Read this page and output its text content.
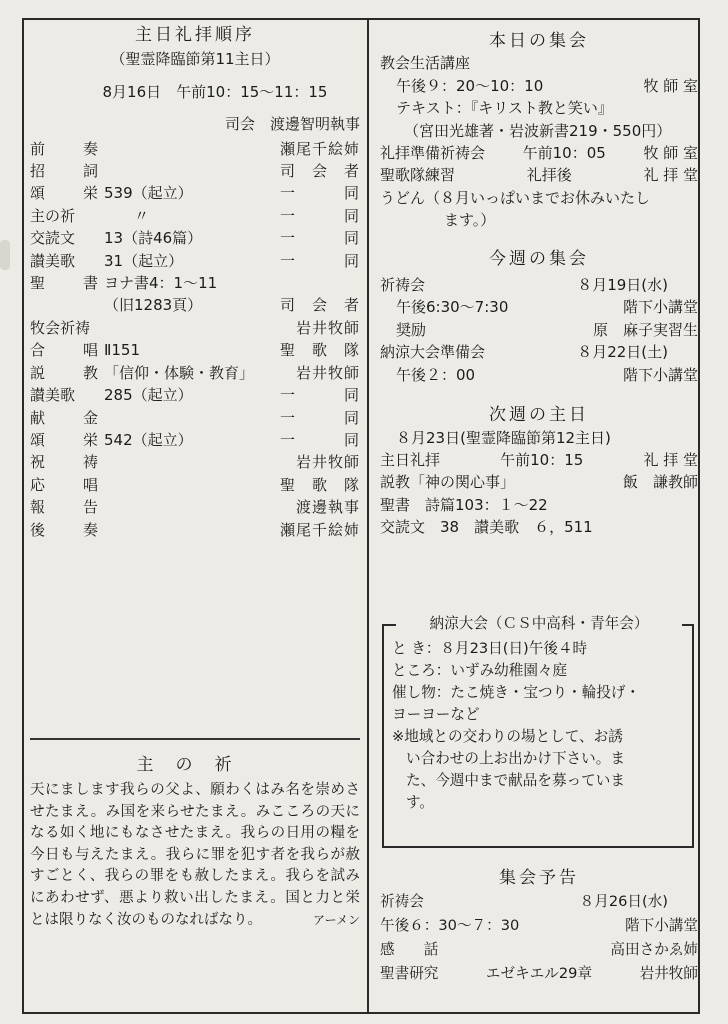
主日礼拝順序
（聖霊降臨節第11主日）
8月16日　午前10：15〜11：15
司会　渡邊智明執事
前	奏	瀬尾千絵姉
招	詞	司　会　者
頌	栄 539（起立）	一　　　同
主の祈 　　〃	一　　　同
交読文 13（詩46篇）	一　　　同
讃美歌 31（起立）	一　　　同
聖	書 ヨナ書4：1〜11
（旧1283頁）	司　会　者
牧会祈祷	岩井牧師
合	唱 Ⅱ151	聖　歌　隊
説	教 「信仰・体験・教育」	岩井牧師
讃美歌 285（起立）	一　　　同
献	金	一　　　同
頌	栄 542（起立）	一　　　同
祝	祷	岩井牧師
応	唱	聖　歌　隊
報	告	渡邊執事
後	奏	瀬尾千絵姉
主の祈
天にまします我らの父よ、願わくはみ名を崇めさせたまえ。み国を来らせたまえ。みこころの天になる如く地にもなさせたまえ。我らの日用の糧を今日も与えたまえ。我らに罪を犯す者を我らが赦すごとく、我らの罪をも赦したまえ。我らを試みにあわせず、悪より救い出したまえ。国と力と栄とは限りなく汝のものなればなり。	アーメン
本日の集会
教会生活講座
午後９：20〜10：10	牧 師 室
テキスト：『キリスト教と笑い』
（宮田光雄著・岩波新書219・550円）
礼拝準備祈祷会	午前10：05	牧 師 室
聖歌隊練習	礼拝後	礼 拝 堂
うどん（８月いっぱいまでお休みいたし
ます。）
今週の集会
祈祷会	８月19日(水)
午後6:30〜7:30	階下小講堂
奨励	原　麻子実習生
納涼大会準備会	８月22日(土)
午後２：00	階下小講堂
次週の主日
８月23日(聖霊降臨節第12主日)
主日礼拝	午前10：15	礼 拝 堂
説教「神の関心事」	飯　謙教師
聖書　詩篇103：１〜22
交読文　38　讃美歌　６，511
納涼大会（ＣＳ中高科・青年会）
と き：８月23日(日)午後４時
ところ：いずみ幼稚園々庭
催し物：たこ焼き・宝つり・輪投げ・
ヨーヨーなど
※地域との交わりの場として、お誘
い合わせの上お出かけ下さい。ま
た、今週中まで献品を募っていま
す。
集会予告
祈祷会	８月26日(水)
午後６：30〜７：30	階下小講堂
感　　話	高田さかゑ姉
聖書研究	エゼキエル29章	岩井牧師
